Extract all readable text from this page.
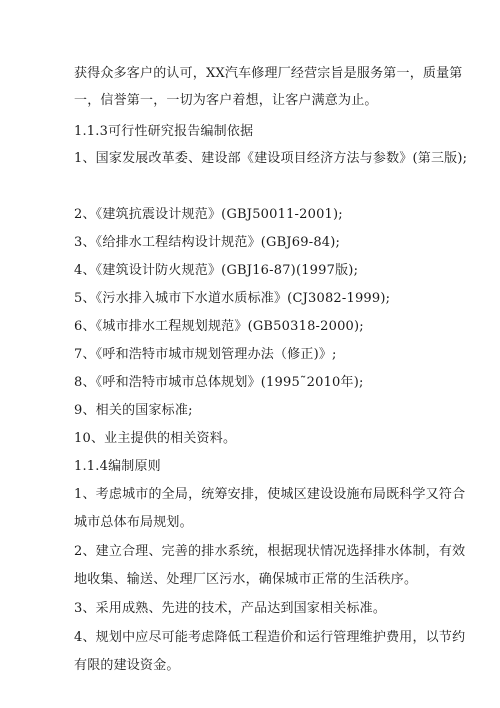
获得众多客户的认可，XX汽车修理厂经营宗旨是服务第一，质量第
一，信誉第一，一切为客户着想，让客户满意为止。
1.1.3可行性研究报告编制依据
1、国家发展改革委、建设部《建设项目经济方法与参数》(第三版);
2、《建筑抗震设计规范》(GBJ50011-2001);
3、《给排水工程结构设计规范》(GBJ69-84);
4、《建筑设计防火规范》(GBJ16-87)(1997版);
5、《污水排入城市下水道水质标准》(CJ3082-1999);
6、《城市排水工程规划规范》(GB50318-2000);
7、《呼和浩特市城市规划管理办法（修正)》;
8、《呼和浩特市城市总体规划》(1995˜2010年);
9、相关的国家标准;
10、业主提供的相关资料。
1.1.4编制原则
1、考虑城市的全局，统筹安排，使城区建设设施布局既科学又符合
城市总体布局规划。
2、建立合理、完善的排水系统，根据现状情况选择排水体制，有效
地收集、输送、处理厂区污水，确保城市正常的生活秩序。
3、采用成熟、先进的技术，产品达到国家相关标准。
4、规划中应尽可能考虑降低工程造价和运行管理维护费用，以节约
有限的建设资金。
